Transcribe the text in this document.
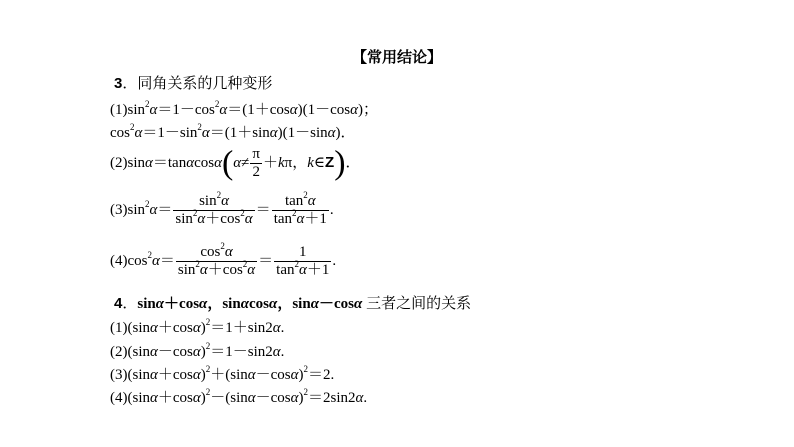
【常用结论】
3．同角关系的几种变形
$(1)\sin^2\alpha=1-\cos^2\alpha=(1+\cos\alpha)(1-\cos\alpha)$；
$\cos^2\alpha=1-\sin^2\alpha=(1+\sin\alpha)(1-\sin\alpha)$．
$(2)\sin\alpha=\tan\alpha\cos\alpha(\alpha\ne \frac{\pi}{2} +k\pi$，k∈Z)．
$(3)\sin^2\alpha= \frac{\sin^2\alpha}{\sin^2\alpha+\cos^2\alpha} = \frac{\tan^2\alpha}{\tan^2\alpha+1}$ .
$(4)\cos^2\alpha= \frac{\cos^2\alpha}{\sin^2\alpha+\cos^2\alpha} = \frac{1}{\tan^2\alpha+1}$ .
4．sinα＋cosα，sinαcosα，sinα－cosα 三者之间的关系
$(1)(\sin\alpha+\cos\alpha)^2=1+\sin 2\alpha$.
$(2)(\sin\alpha-\cos\alpha)^2=1-\sin 2\alpha$.
$(3)(\sin\alpha+\cos\alpha)^2+(\sin\alpha-\cos\alpha)^2=2$.
$(4)(\sin\alpha+\cos\alpha)^2-(\sin\alpha-\cos\alpha)^2=2\sin 2\alpha$.
